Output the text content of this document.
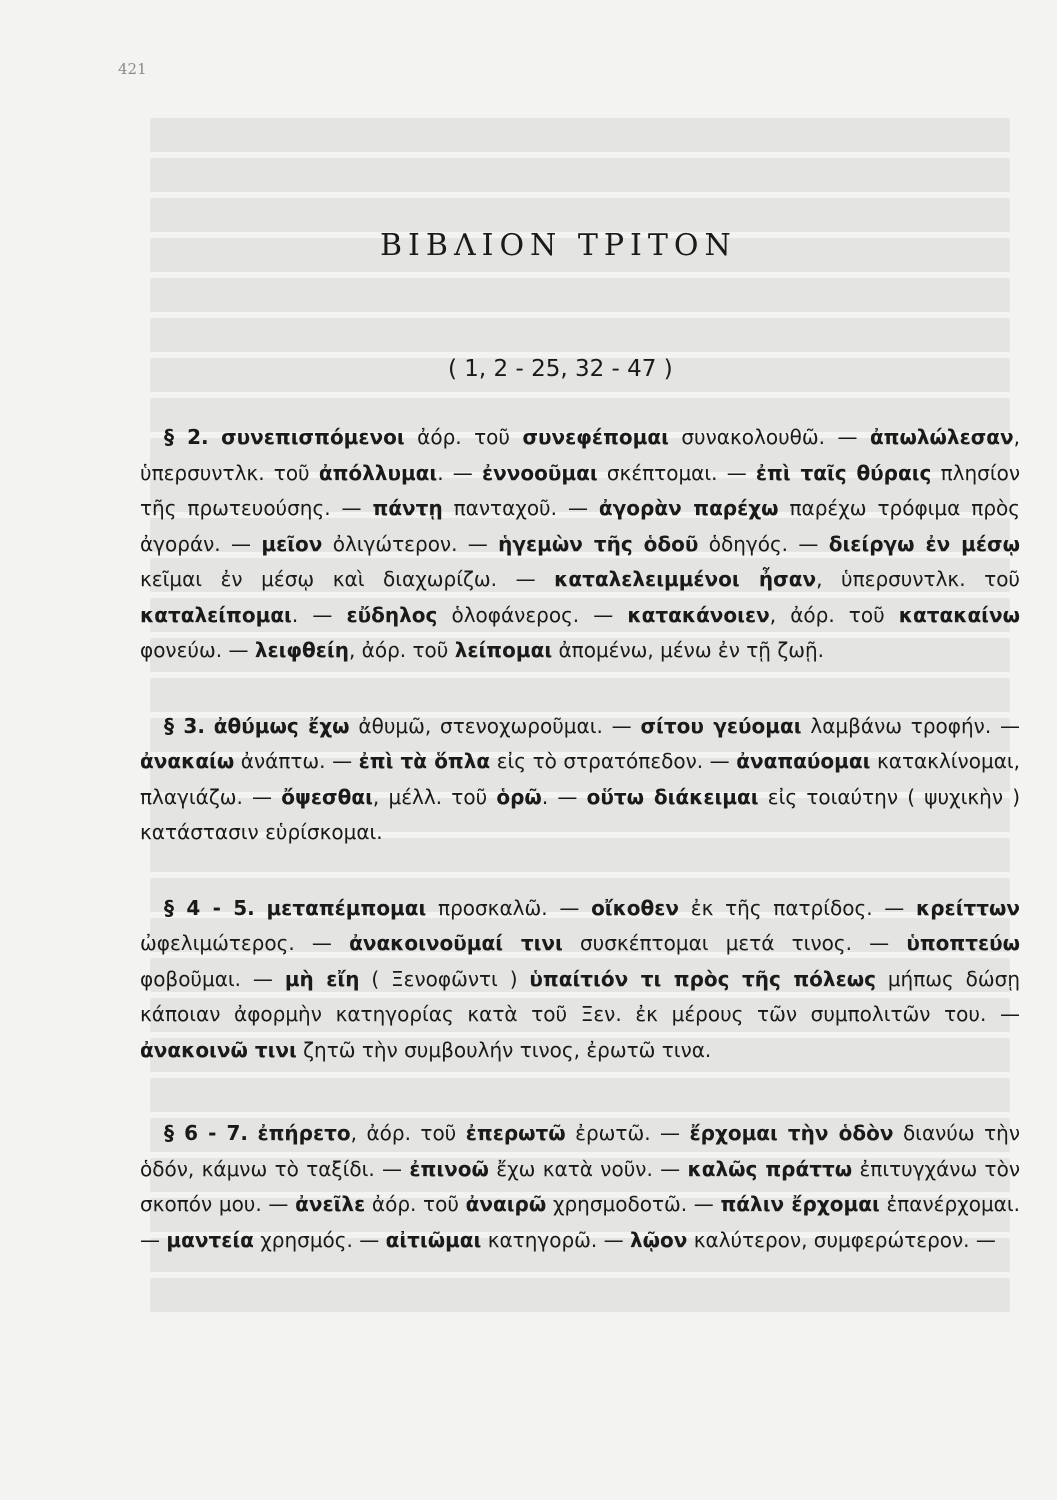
421
ΒΙΒΛΙΟΝ ΤΡΙΤΟΝ
( 1, 2 - 25, 32 - 47 )

§ 2. συνεπισπόμενοι ἀόρ. τοῦ συνεφέπομαι συνακολουθῶ. — ἀπωλώλεσαν, ὑπερσυντλκ. τοῦ ἀπόλλυμαι. — ἐννοοῦμαι σκέπτομαι. — ἐπὶ ταῖς θύραις πλησίον τῆς πρωτευούσης. — πάντῃ πανταχοῦ. — ἀγορὰν παρέχω παρέχω τρόφιμα πρὸς ἀγοράν. — μεῖον ὀλιγώτερον. — ἡγεμὼν τῆς ὁδοῦ ὁδηγός. — διείργω ἐν μέσῳ κεῖμαι ἐν μέσῳ καὶ διαχωρίζω. — καταλελειμμένοι ἦσαν, ὑπερσυντλκ. τοῦ καταλείπομαι. — εὔδηλος ὁλοφάνερος. — κατακάνοιεν, ἀόρ. τοῦ κατακαίνω φονεύω. — λειφθείη, ἀόρ. τοῦ λείπομαι ἀπομένω, μένω ἐν τῇ ζωῇ.

§ 3. ἀθύμως ἔχω ἀθυμῶ, στενοχωροῦμαι. — σίτου γεύομαι λαμβάνω τροφήν. — ἀνακαίω ἀνάπτω. — ἐπὶ τὰ ὅπλα εἰς τὸ στρατόπεδον. — ἀναπαύομαι κατακλίνομαι, πλαγιάζω. — ὄψεσθαι, μέλλ. τοῦ ὁρῶ. — οὕτω διάκειμαι εἰς τοιαύτην ( ψυχικὴν ) κατάστασιν εὑρίσκομαι.

§ 4 - 5. μεταπέμπομαι προσκαλῶ. — οἴκοθεν ἐκ τῆς πατρίδος. — κρείττων ὠφελιμώτερος. — ἀνακοινοῦμαί τινι συσκέπτομαι μετά τινος. — ὑποπτεύω φοβοῦμαι. — μὴ εἴη ( Ξενοφῶντι ) ὑπαίτιόν τι πρὸς τῆς πόλεως μήπως δώσῃ κάποιαν ἀφορμὴν κατηγορίας κατὰ τοῦ Ξεν. ἐκ μέρους τῶν συμπολιτῶν του. — ἀνακοινῶ τινι ζητῶ τὴν συμβουλήν τινος, ἐρωτῶ τινα.

§ 6 - 7. ἐπήρετο, ἀόρ. τοῦ ἐπερωτῶ ἐρωτῶ. — ἔρχομαι τὴν ὁδὸν διανύω τὴν ὁδόν, κάμνω τὸ ταξίδι. — ἐπινοῶ ἔχω κατὰ νοῦν. — καλῶς πράττω ἐπιτυγχάνω τὸν σκοπόν μου. — ἀνεῖλε ἀόρ. τοῦ ἀναιρῶ χρησμοδοτῶ. — πάλιν ἔρχομαι ἐπανέρχομαι. — μαντεία χρησμός. — αἰτιῶμαι κατηγορῶ. — λῷον καλύτερον, συμφερώτερον. —
